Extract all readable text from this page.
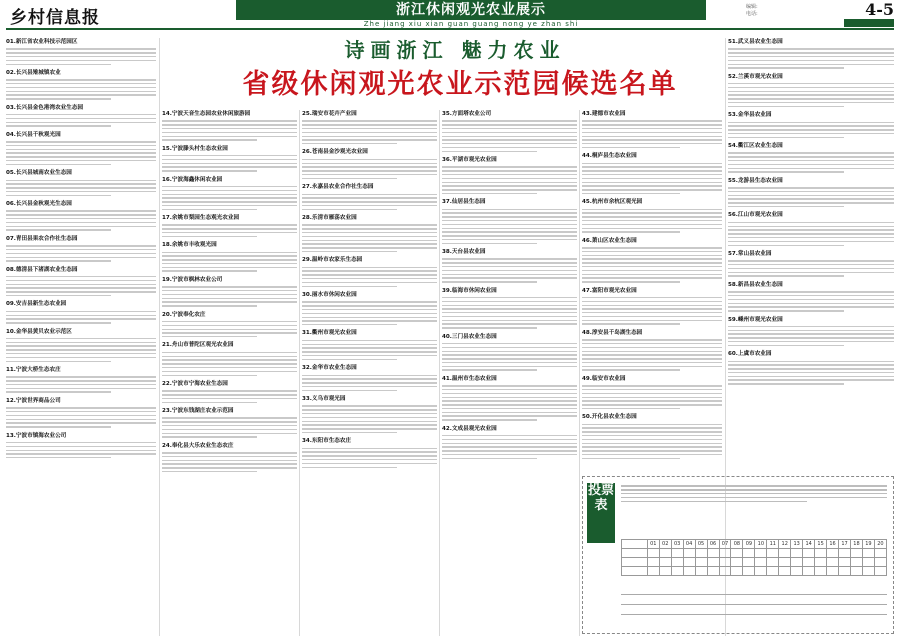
乡村信息报	浙江休闲观光农业展示
Zhe jiang xiu xian guan guang nong ye zhan shi
编辑:
电话:	4-5
诗画浙江 魅力农业
省级休闲观光农业示范园候选名单
01.新江省农业科技示范园区
02.长兴县雉城镇农业
03.长兴县金色港湾农业生态园
04.长兴县千秋观光园
05.长兴县城南农业生态园
06.长兴县金秋观光生态园
07.青田县果农合作社生态园
08.德清县下渚湖农业生态园
09.安吉县新生态农业园
10.金华县黄贝农业示范区
11.宁波大桥生态农庄
12.宁波世界商品公司
13.宁波市镇海农业公司
14.宁波天音生态园农业休闲旅游园
15.宁波滕头村生态农业园
16.宁波海鑫休闲农业园
17.余姚市梨园生态观光农业园
18.余姚市丰收观光园
19.宁波市枫林农业公司
20.宁波奉化农庄
21.舟山市普陀区观光农业园
22.宁波市宁海农业生态园
23.宁波东钱湖庄农业示范园
24.奉化县大乐农业生态农庄
25.瑞安市花卉产业园
26.苍南县金沙观光农业园
27.永嘉县农业合作社生态园
28.乐清市雁荡农业园
29.温岭市农家乐生态园
30.丽水市休闲农业园
31.衢州市观光农业园
32.金华市农业生态园
33.义乌市观光园
34.东阳市生态农庄
35.方面塔农业公司
36.平湖市观光农业园
37.仙居县生态园
38.天台县农业园
39.临海市休闲农业园
40.三门县农业生态园
41.温州市生态农业园
42.文成县观光农业园
43.建德市农业园
44.桐庐县生态农业园
45.杭州市余杭区观光园
46.萧山区农业生态园
47.富阳市观光农业园
48.淳安县千岛湖生态园
49.临安市农业园
50.开化县农业生态园
51.武义县农业生态园
52.兰溪市观光农业园
53.金华县农业园
54.衢江区农业生态园
55.龙游县生态农业园
56.江山市观光农业园
57.常山县农业园
58.新昌县农业生态园
59.嵊州市观光农业园
60.上虞市农业园
投票表
	01	02	03	04	05	06	07	08	09	10	11	12	13	14	15	16	17	18	19	20
